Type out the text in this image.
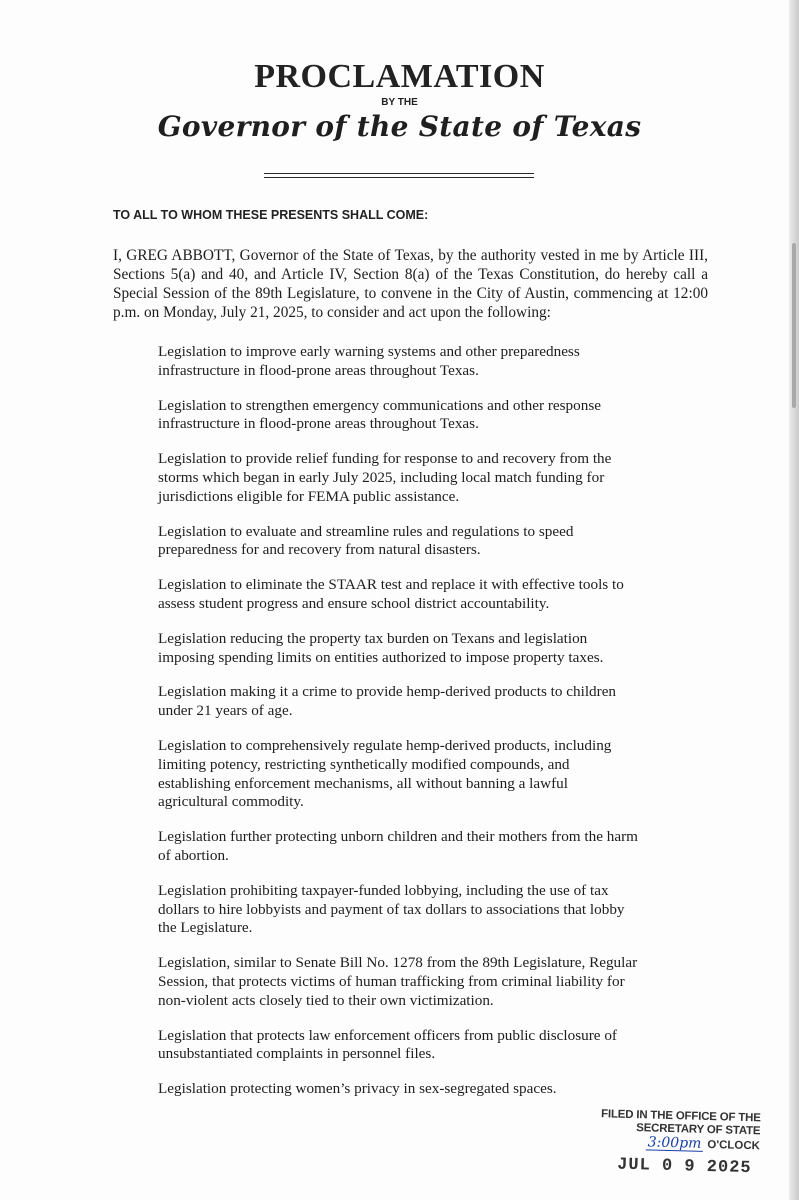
PROCLAMATION
BY THE
Governor of the State of Texas
TO ALL TO WHOM THESE PRESENTS SHALL COME:
I, GREG ABBOTT, Governor of the State of Texas, by the authority vested in me by Article III, Sections 5(a) and 40, and Article IV, Section 8(a) of the Texas Constitution, do hereby call a Special Session of the 89th Legislature, to convene in the City of Austin, commencing at 12:00 p.m. on Monday, July 21, 2025, to consider and act upon the following:
Legislation to improve early warning systems and other preparedness infrastructure in flood-prone areas throughout Texas.
Legislation to strengthen emergency communications and other response infrastructure in flood-prone areas throughout Texas.
Legislation to provide relief funding for response to and recovery from the storms which began in early July 2025, including local match funding for jurisdictions eligible for FEMA public assistance.
Legislation to evaluate and streamline rules and regulations to speed preparedness for and recovery from natural disasters.
Legislation to eliminate the STAAR test and replace it with effective tools to assess student progress and ensure school district accountability.
Legislation reducing the property tax burden on Texans and legislation imposing spending limits on entities authorized to impose property taxes.
Legislation making it a crime to provide hemp-derived products to children under 21 years of age.
Legislation to comprehensively regulate hemp-derived products, including limiting potency, restricting synthetically modified compounds, and establishing enforcement mechanisms, all without banning a lawful agricultural commodity.
Legislation further protecting unborn children and their mothers from the harm of abortion.
Legislation prohibiting taxpayer-funded lobbying, including the use of tax dollars to hire lobbyists and payment of tax dollars to associations that lobby the Legislature.
Legislation, similar to Senate Bill No. 1278 from the 89th Legislature, Regular Session, that protects victims of human trafficking from criminal liability for non-violent acts closely tied to their own victimization.
Legislation that protects law enforcement officers from public disclosure of unsubstantiated complaints in personnel files.
Legislation protecting women’s privacy in sex-segregated spaces.
FILED IN THE OFFICE OF THE
SECRETARY OF STATE
3:00pm O'CLOCK
JUL 0 9 2025
